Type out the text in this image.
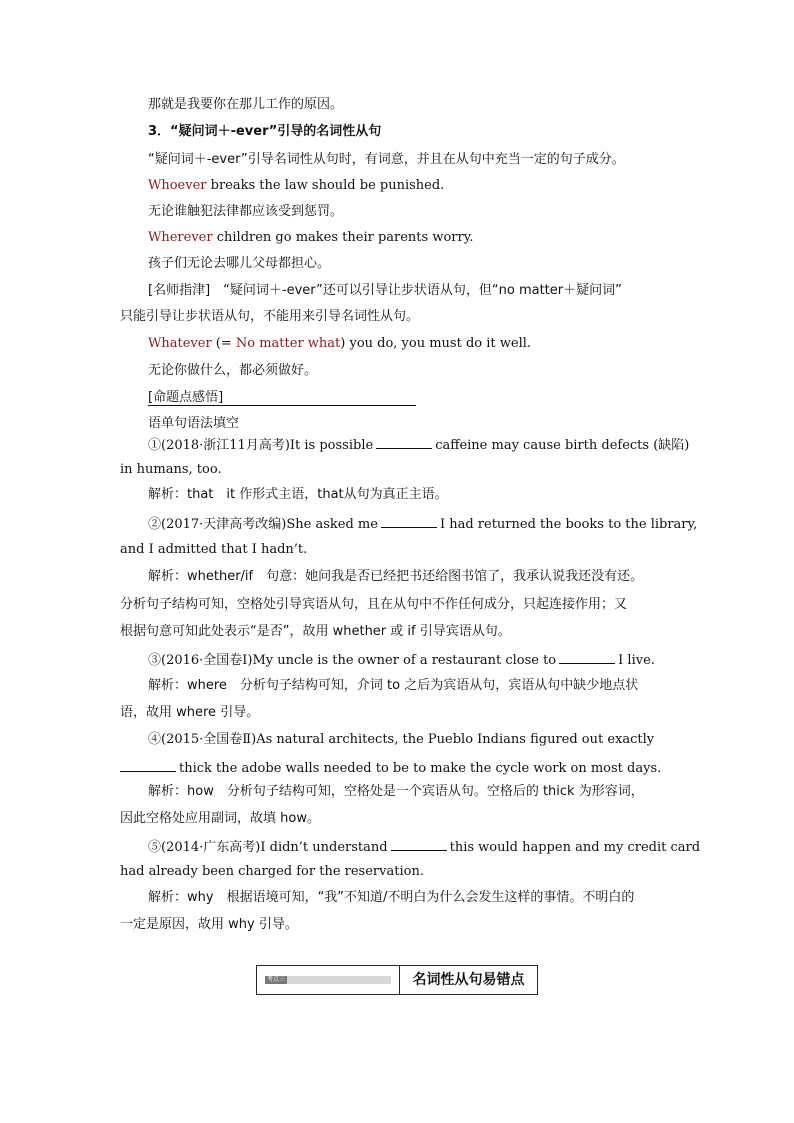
那就是我要你在那儿工作的原因。
3．“疑问词＋-ever”引导的名词性从句
“疑问词＋-ever”引导名词性从句时，有词意，并且在从句中充当一定的句子成分。
Whoever breaks the law should be punished.
无论谁触犯法律都应该受到惩罚。
Wherever children go makes their parents worry.
孩子们无论去哪儿父母都担心。
[名师指津]　“疑问词＋-ever”还可以引导让步状语从句，但“no matter＋疑问词”
只能引导让步状语从句，不能用来引导名词性从句。
Whatever (= No matter what) you do, you must do it well.
无论你做什么，都必须做好。
[命题点感悟]
语单句语法填空
①(2018·浙江11月高考)It is possible	caffeine may cause birth defects (缺陷)
in humans, too.
解析：that　it 作形式主语，that从句为真正主语。
②(2017·天津高考改编)She asked me	I had returned the books to the library,
and I admitted that I hadn’t.
解析：whether/if　句意：她问我是否已经把书还给图书馆了，我承认说我还没有还。
分析句子结构可知，空格处引导宾语从句，且在从句中不作任何成分，只起连接作用；又
根据句意可知此处表示“是否”，故用 whether 或 if 引导宾语从句。
③(2016·全国卷Ⅰ)My uncle is the owner of a restaurant close to	I live.
解析：where　分析句子结构可知，介词 to 之后为宾语从句，宾语从句中缺少地点状
语，故用 where 引导。
④(2015·全国卷Ⅱ)As natural architects, the Pueblo Indians figured out exactly
thick the adobe walls needed to be to make the cycle work on most days.
解析：how　分析句子结构可知，空格处是一个宾语从句。空格后的 thick 为形容词，
因此空格处应用副词，故填 how。
⑤(2014·广东高考)I didn’t understand	this would happen and my credit card
had already been charged for the reservation.
解析：why　根据语境可知，“我”不知道/不明白为什么会发生这样的事情。不明白的
一定是原因，故用 why 引导。
考点三	名词性从句易错点
